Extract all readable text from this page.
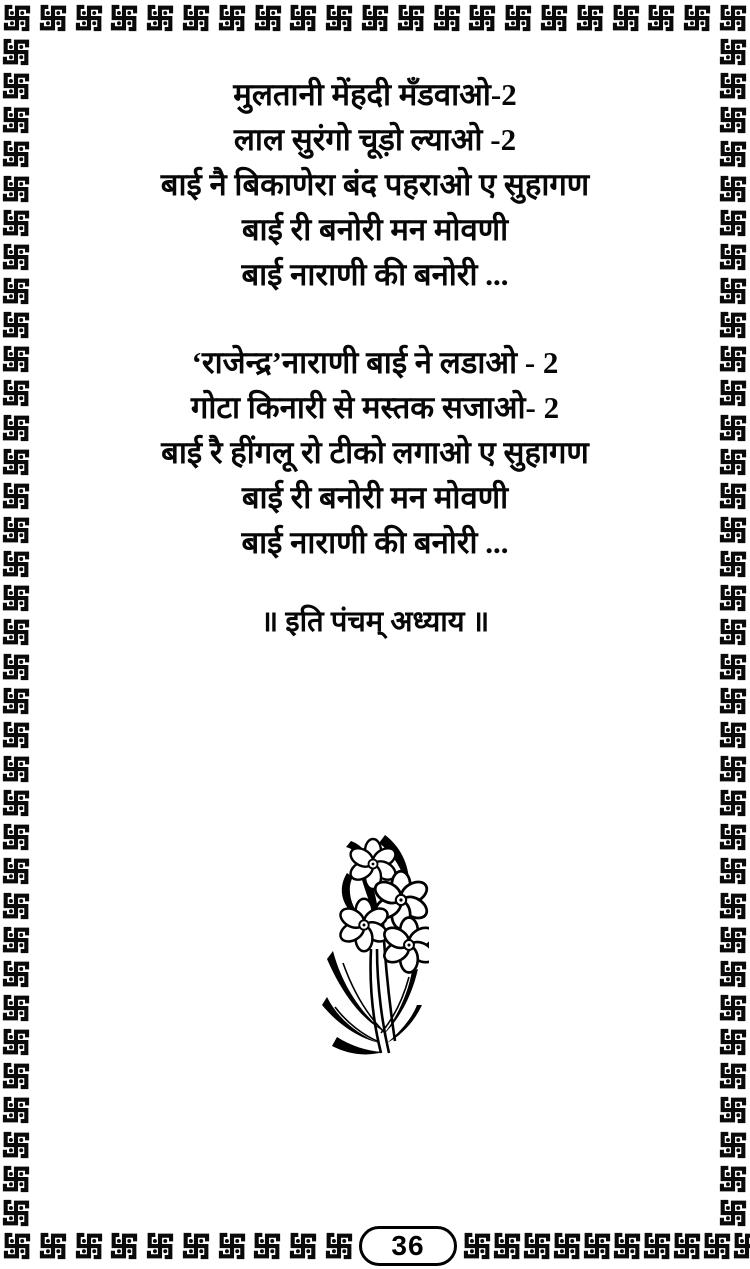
36
मुलतानी मेंहदी मँडवाओ-2
लाल सुरंगो चूड़ो ल्याओ -2
बाई नै बिकाणेरा बंद पहराओ ए सुहागण
बाई री बनोरी मन मोवणी
बाई नाराणी की बनोरी ...
‘राजेन्द्र’नाराणी बाई ने लडाओ - 2
गोटा किनारी से मस्तक सजाओ- 2
बाई रै हींगलू रो टीको लगाओ ए सुहागण
बाई री बनोरी मन मोवणी
बाई नाराणी की बनोरी ...
॥ इति पंचम् अध्याय ॥
